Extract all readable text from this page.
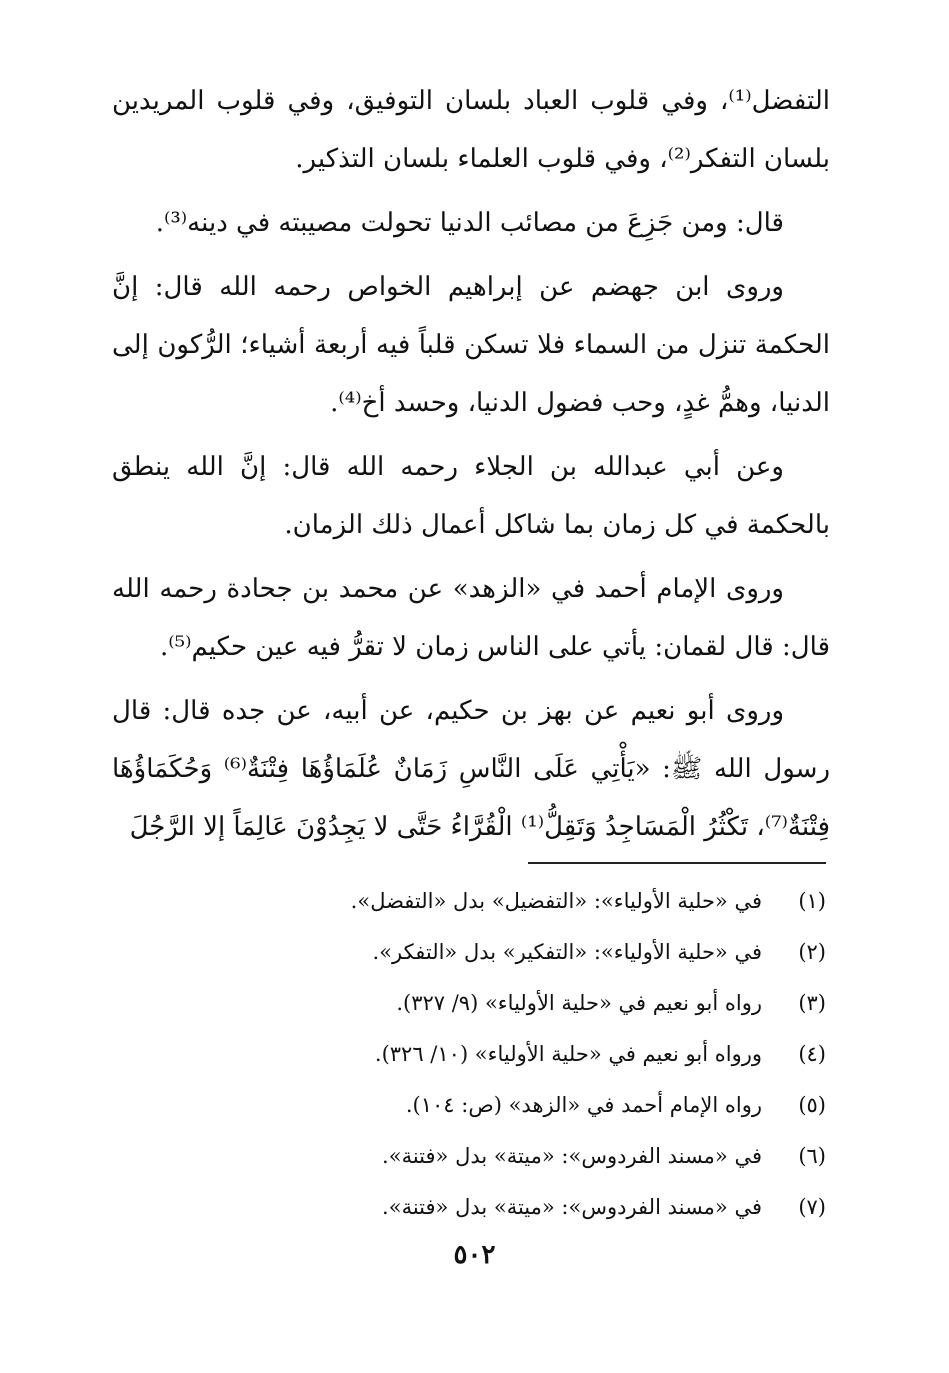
التفضل⁽¹⁾، وفي قلوب العباد بلسان التوفيق، وفي قلوب المريدين بلسان التفكر⁽²⁾، وفي قلوب العلماء بلسان التذكير.

قال: ومن جَزِعَ من مصائب الدنيا تحولت مصيبته في دينه⁽³⁾.

وروى ابن جهضم عن إبراهيم الخواص رحمه الله قال: إنَّ الحكمة تنزل من السماء فلا تسكن قلباً فيه أربعة أشياء؛ الرُّكون إلى الدنيا، وهمُّ غدٍ، وحب فضول الدنيا، وحسد أخ⁽⁴⁾.

وعن أبي عبدالله بن الجلاء رحمه الله قال: إنَّ الله ينطق بالحكمة في كل زمان بما شاكل أعمال ذلك الزمان.

وروى الإمام أحمد في «الزهد» عن محمد بن جحادة رحمه الله قال: قال لقمان: يأتي على الناس زمان لا تقرُّ فيه عين حكيم⁽⁵⁾.

وروى أبو نعيم عن بهز بن حكيم، عن أبيه، عن جده قال: قال رسول الله ﷺ: «يَأْتِي عَلَى النَّاسِ زَمَانٌ عُلَمَاؤُهَا فِتْنَةٌ⁽⁶⁾ وَحُكَمَاؤُهَا فِتْنَةٌ⁽⁷⁾، تَكْثُرُ الْمَسَاجِدُ وَتَقِلُّ⁽¹⁾ الْقُرَّاءُ حَتَّى لا يَجِدُوْنَ عَالِمَاً إلا الرَّجُلَ

(١)
في «حلية الأولياء»: «التفضيل» بدل «التفضل».
(٢)
في «حلية الأولياء»: «التفكير» بدل «التفكر».
(٣)
رواه أبو نعيم في «حلية الأولياء» (٩/ ٣٢٧).
(٤)
ورواه أبو نعيم في «حلية الأولياء» (١٠/ ٣٢٦).
(٥)
رواه الإمام أحمد في «الزهد» (ص: ١٠٤).
(٦)
في «مسند الفردوس»: «ميتة» بدل «فتنة».
(٧)
في «مسند الفردوس»: «ميتة» بدل «فتنة».
٥٠٢
